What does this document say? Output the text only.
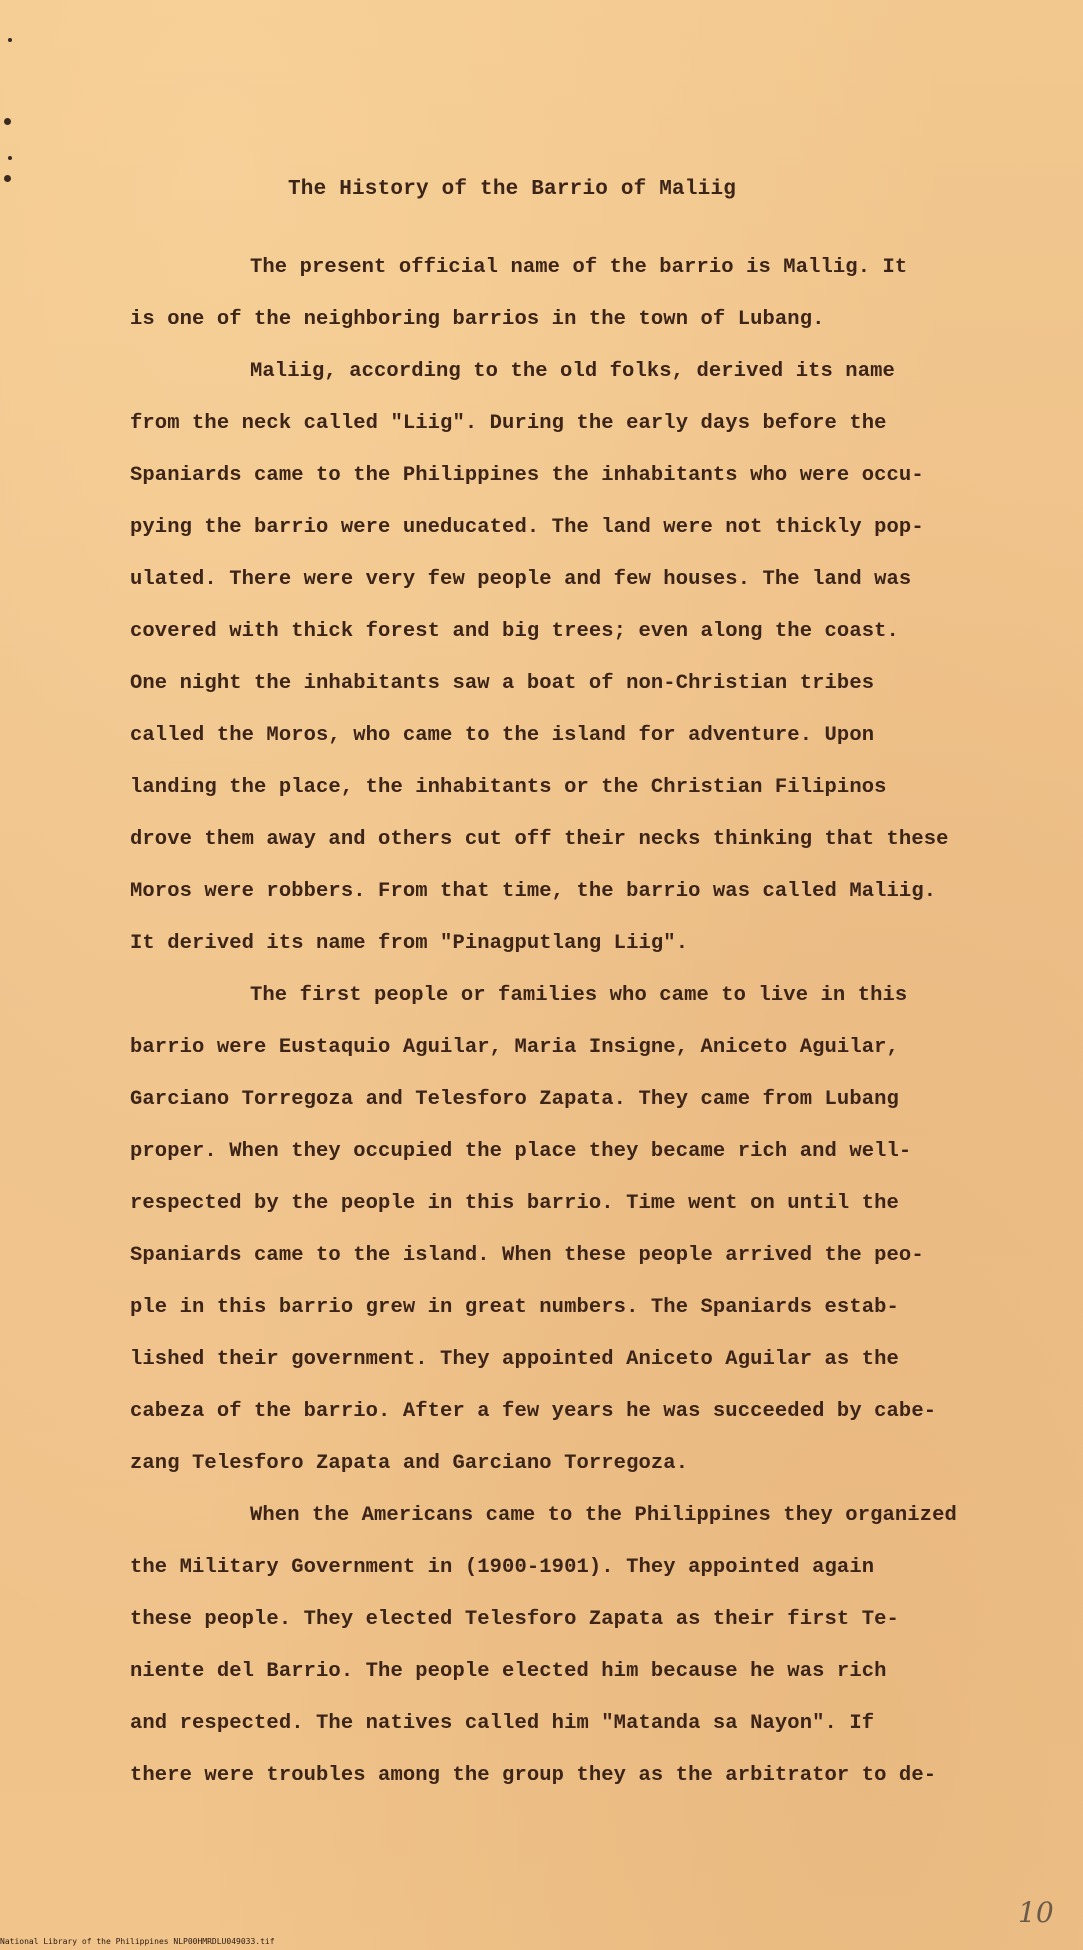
The History of the Barrio of Maliig
The present official name of the barrio is Mallig. It
is one of the neighboring barrios in the town of Lubang.
Maliig, according to the old folks, derived its name
from the neck called "Liig". During the early days before the
Spaniards came to the Philippines the inhabitants who were occu-
pying the barrio were uneducated. The land were not thickly pop-
ulated. There were very few people and few houses. The land was
covered with thick forest and big trees; even along the coast.
One night the inhabitants saw a boat of non-Christian tribes
called the Moros, who came to the island for adventure. Upon
landing the place, the inhabitants or the Christian Filipinos
drove them away and others cut off their necks thinking that these
Moros were robbers. From that time, the barrio was called Maliig.
It derived its name from "Pinagputlang Liig".
The first people or families who came to live in this
barrio were Eustaquio Aguilar, Maria Insigne, Aniceto Aguilar,
Garciano Torregoza and Telesforo Zapata. They came from Lubang
proper. When they occupied the place they became rich and well-
respected by the people in this barrio. Time went on until the
Spaniards came to the island. When these people arrived the peo-
ple in this barrio grew in great numbers. The Spaniards estab-
lished their government. They appointed Aniceto Aguilar as the
cabeza of the barrio. After a few years he was succeeded by cabe-
zang Telesforo Zapata and Garciano Torregoza.
When the Americans came to the Philippines they organized
the Military Government in (1900-1901). They appointed again
these people. They elected Telesforo Zapata as their first Te-
niente del Barrio. The people elected him because he was rich
and respected. The natives called him "Matanda sa Nayon". If
there were troubles among the group they as the arbitrator to de-
10
National Library of the Philippines NLP00HMRDLU049033.tif
